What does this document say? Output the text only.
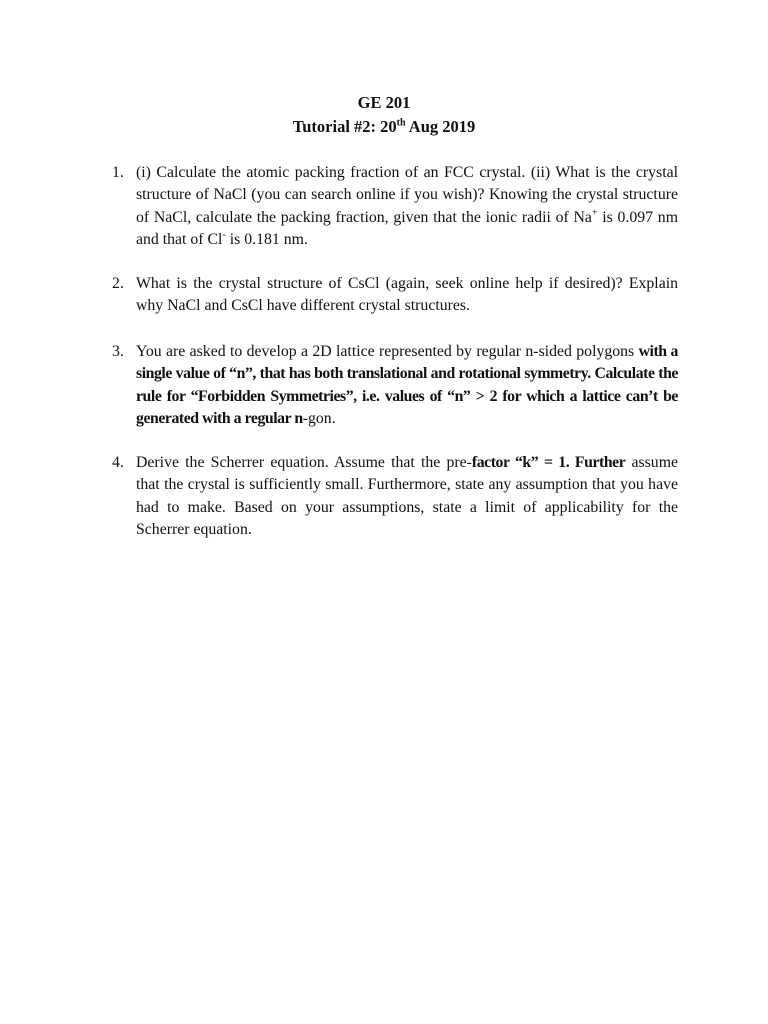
GE 201
Tutorial #2: 20th Aug 2019
1. (i) Calculate the atomic packing fraction of an FCC crystal. (ii) What is the crystal structure of NaCl (you can search online if you wish)? Knowing the crystal structure of NaCl, calculate the packing fraction, given that the ionic radii of Na+ is 0.097 nm and that of Cl- is 0.181 nm.
2. What is the crystal structure of CsCl (again, seek online help if desired)? Explain why NaCl and CsCl have different crystal structures.
3. You are asked to develop a 2D lattice represented by regular n-sided polygons with a single value of “n”, that has both translational and rotational symmetry. Calculate the rule for “Forbidden Symmetries”, i.e. values of “n” > 2 for which a lattice can’t be generated with a regular n-gon.
4. Derive the Scherrer equation. Assume that the pre-factor “k” = 1. Further assume that the crystal is sufficiently small. Furthermore, state any assumption that you have had to make. Based on your assumptions, state a limit of applicability for the Scherrer equation.
